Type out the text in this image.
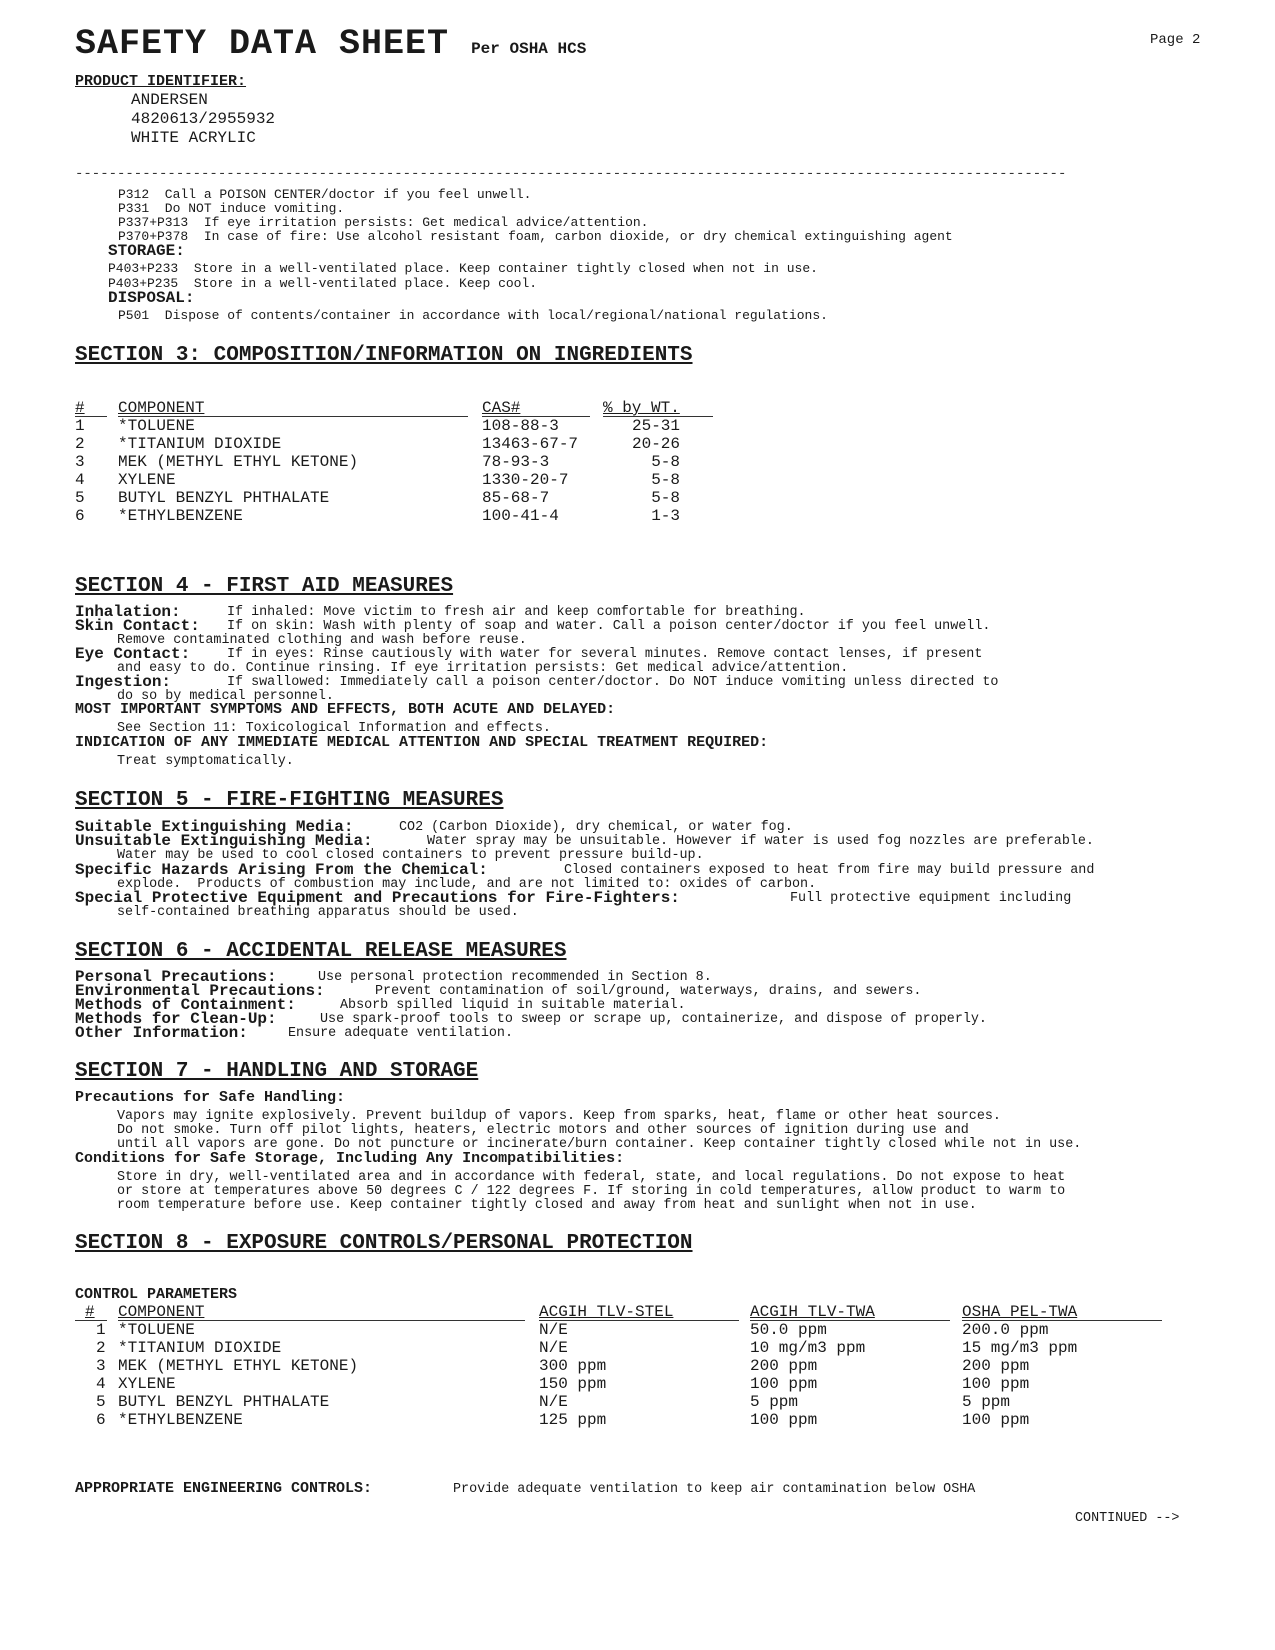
SAFETY DATA SHEET Per OSHA HCS	Page 2
PRODUCT IDENTIFIER:
ANDERSEN
4820613/2955932
WHITE ACRYLIC
----------------------------------------------------------------------------------------------------------------------
P312  Call a POISON CENTER/doctor if you feel unwell.
P331  Do NOT induce vomiting.
P337+P313  If eye irritation persists: Get medical advice/attention.
P370+P378  In case of fire: Use alcohol resistant foam, carbon dioxide, or dry chemical extinguishing agent
STORAGE:
P403+P233  Store in a well-ventilated place. Keep container tightly closed when not in use.
P403+P235  Store in a well-ventilated place. Keep cool.
DISPOSAL:
P501  Dispose of contents/container in accordance with local/regional/national regulations.
SECTION 3: COMPOSITION/INFORMATION ON INGREDIENTS
#	COMPONENT	CAS#	% by WT.
1 *TOLUENE	108-88-3	25-31
2 *TITANIUM DIOXIDE	13463-67-7	20-26
3 MEK (METHYL ETHYL KETONE)	78-93-3	5-8
4 XYLENE	1330-20-7	5-8
5 BUTYL BENZYL PHTHALATE	85-68-7	5-8
6 *ETHYLBENZENE	100-41-4	1-3
SECTION 4 - FIRST AID MEASURES
Inhalation:	If inhaled: Move victim to fresh air and keep comfortable for breathing.
Skin Contact: If on skin: Wash with plenty of soap and water. Call a poison center/doctor if you feel unwell.
Remove contaminated clothing and wash before reuse.
Eye Contact:	If in eyes: Rinse cautiously with water for several minutes. Remove contact lenses, if present
and easy to do. Continue rinsing. If eye irritation persists: Get medical advice/attention.
Ingestion:	If swallowed: Immediately call a poison center/doctor. Do NOT induce vomiting unless directed to
do so by medical personnel.
MOST IMPORTANT SYMPTOMS AND EFFECTS, BOTH ACUTE AND DELAYED:
See Section 11: Toxicological Information and effects.
INDICATION OF ANY IMMEDIATE MEDICAL ATTENTION AND SPECIAL TREATMENT REQUIRED:
Treat symptomatically.
SECTION 5 - FIRE-FIGHTING MEASURES
Suitable Extinguishing Media:	CO2 (Carbon Dioxide), dry chemical, or water fog.
Unsuitable Extinguishing Media:	Water spray may be unsuitable. However if water is used fog nozzles are preferable.
Water may be used to cool closed containers to prevent pressure build-up.
Specific Hazards Arising From the Chemical:	Closed containers exposed to heat from fire may build pressure and
explode.  Products of combustion may include, and are not limited to: oxides of carbon.
Special Protective Equipment and Precautions for Fire-Fighters:	Full protective equipment including
self-contained breathing apparatus should be used.
SECTION 6 - ACCIDENTAL RELEASE MEASURES
Personal Precautions:	Use personal protection recommended in Section 8.
Environmental Precautions:	Prevent contamination of soil/ground, waterways, drains, and sewers.
Methods of Containment:	Absorb spilled liquid in suitable material.
Methods for Clean-Up:	Use spark-proof tools to sweep or scrape up, containerize, and dispose of properly.
Other Information:	Ensure adequate ventilation.
SECTION 7 - HANDLING AND STORAGE
Precautions for Safe Handling:
Vapors may ignite explosively. Prevent buildup of vapors. Keep from sparks, heat, flame or other heat sources.
Do not smoke. Turn off pilot lights, heaters, electric motors and other sources of ignition during use and
until all vapors are gone. Do not puncture or incinerate/burn container. Keep container tightly closed while not in use.
Conditions for Safe Storage, Including Any Incompatibilities:
Store in dry, well-ventilated area and in accordance with federal, state, and local regulations. Do not expose to heat
or store at temperatures above 50 degrees C / 122 degrees F. If storing in cold temperatures, allow product to warm to
room temperature before use. Keep container tightly closed and away from heat and sunlight when not in use.
SECTION 8 - EXPOSURE CONTROLS/PERSONAL PROTECTION
CONTROL PARAMETERS
# COMPONENT	ACGIH TLV-STEL	ACGIH TLV-TWA	OSHA PEL-TWA
1 *TOLUENE	N/E	50.0 ppm	200.0 ppm
2 *TITANIUM DIOXIDE	N/E	10 mg/m3 ppm	15 mg/m3 ppm
3 MEK (METHYL ETHYL KETONE)	300 ppm	200 ppm	200 ppm
4 XYLENE	150 ppm	100 ppm	100 ppm
5 BUTYL BENZYL PHTHALATE	N/E	5 ppm	5 ppm
6 *ETHYLBENZENE	125 ppm	100 ppm	100 ppm
APPROPRIATE ENGINEERING CONTROLS:	Provide adequate ventilation to keep air contamination below OSHA
CONTINUED -->
